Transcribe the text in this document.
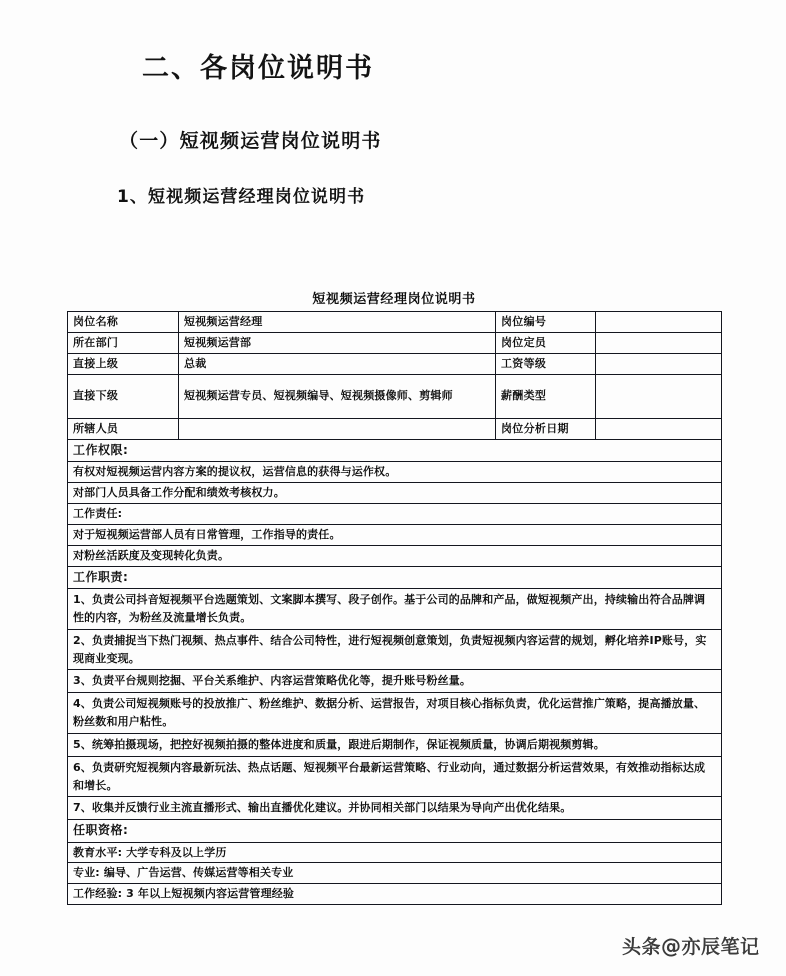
二、各岗位说明书
（一）短视频运营岗位说明书
1、短视频运营经理岗位说明书
短视频运营经理岗位说明书
岗位名称	短视频运营经理	岗位编号	
所在部门	短视频运营部	岗位定员	
直接上级	总裁	工资等级	
直接下级	短视频运营专员、短视频编导、短视频摄像师、剪辑师	薪酬类型	
所辖人员		岗位分析日期	
工作权限:			
有权对短视频运营内容方案的提议权，运营信息的获得与运作权。			
对部门人员具备工作分配和绩效考核权力。			
工作责任:			
对于短视频运营部人员有日常管理，工作指导的责任。			
对粉丝活跃度及变现转化负责。			
工作职责:			
1、负责公司抖音短视频平台选题策划、文案脚本撰写、段子创作。基于公司的品牌和产品，做短视频产出，持续输出符合品牌调性的内容，为粉丝及流量增长负责。			
2、负责捕捉当下热门视频、热点事件、结合公司特性，进行短视频创意策划，负责短视频内容运营的规划，孵化培养IP账号，实现商业变现。			
3、负责平台规则挖掘、平台关系维护、内容运营策略优化等，提升账号粉丝量。			
4、负责公司短视频账号的投放推广、粉丝维护、数据分析、运营报告，对项目核心指标负责，优化运营推广策略，提高播放量、粉丝数和用户粘性。			
5、统筹拍摄现场，把控好视频拍摄的整体进度和质量，跟进后期制作，保证视频质量，协调后期视频剪辑。			
6、负责研究短视频内容最新玩法、热点话题、短视频平台最新运营策略、行业动向，通过数据分析运营效果，有效推动指标达成和增长。			
7、收集并反馈行业主流直播形式、输出直播优化建议。并协同相关部门以结果为导向产出优化结果。			
任职资格:			
教育水平: 大学专科及以上学历			
专业: 编导、广告运营、传媒运营等相关专业			
工作经验: 3 年以上短视频内容运营管理经验			
头条@亦辰笔记
